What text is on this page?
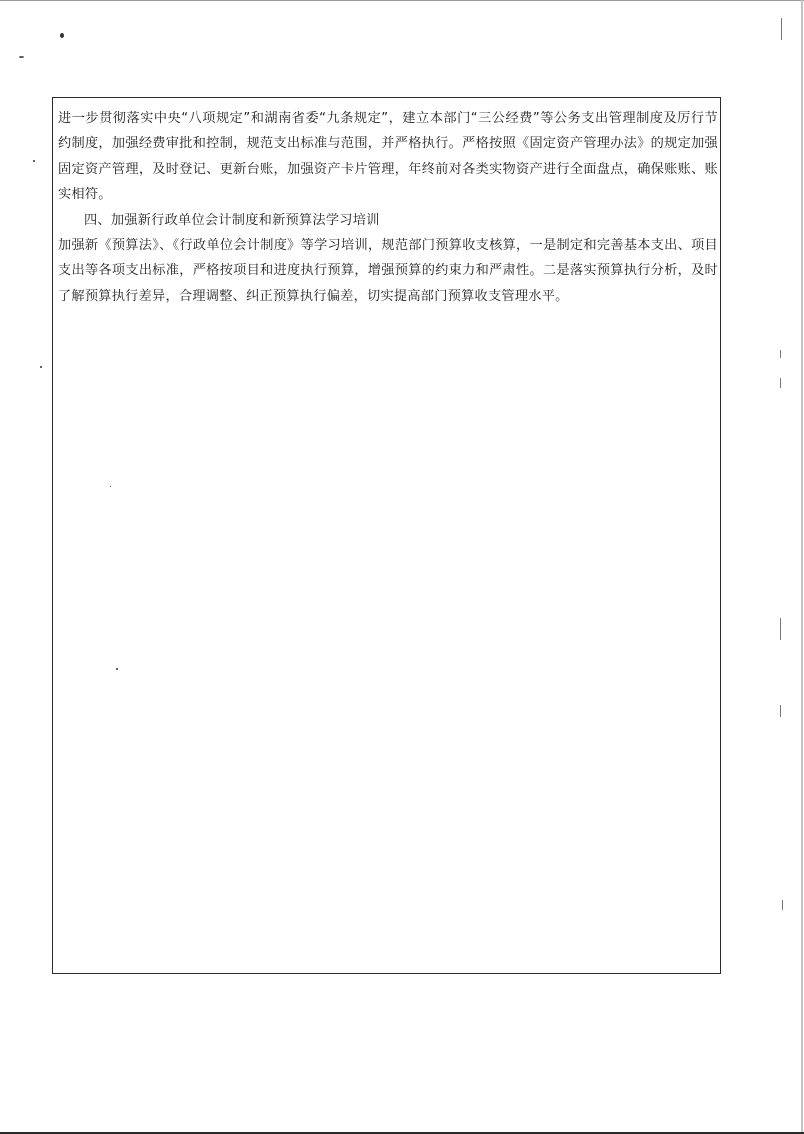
进一步贯彻落实中央“八项规定”和湖南省委“九条规定”，建立本部门“三公经费”等公务支出管理制度及厉行节约制度，加强经费审批和控制，规范支出标准与范围，并严格执行。严格按照《固定资产管理办法》的规定加强固定资产管理，及时登记、更新台账，加强资产卡片管理，年终前对各类实物资产进行全面盘点，确保账账、账实相符。

四、加强新行政单位会计制度和新预算法学习培训

加强新《预算法》、《行政单位会计制度》等学习培训，规范部门预算收支核算，一是制定和完善基本支出、项目支出等各项支出标准，严格按项目和进度执行预算，增强预算的约束力和严肃性。二是落实预算执行分析，及时了解预算执行差异，合理调整、纠正预算执行偏差，切实提高部门预算收支管理水平。
